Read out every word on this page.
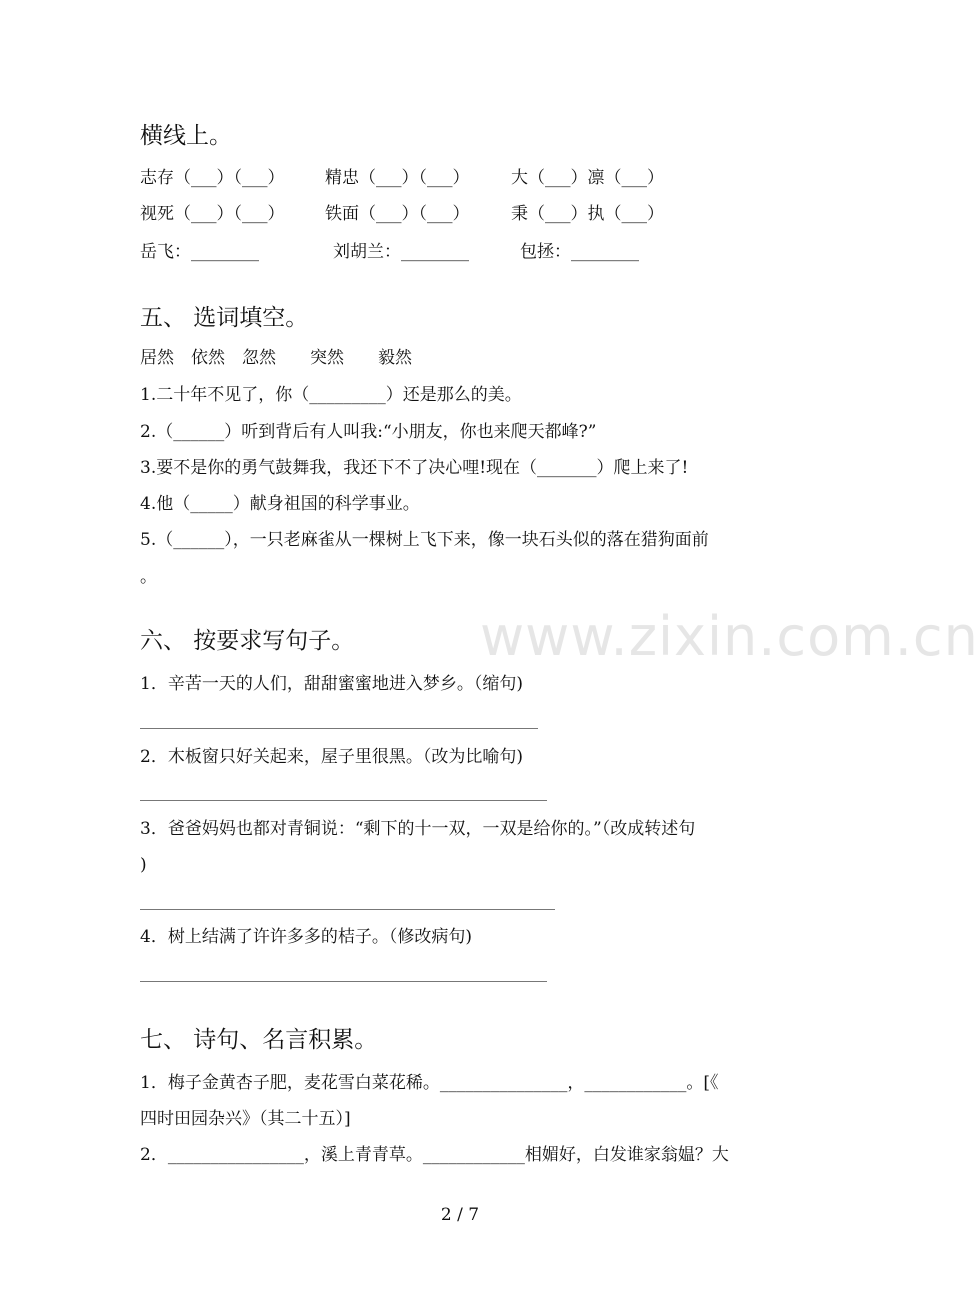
www.zixin.com.cn
横线上。
志存（___）（___） 精忠（___）（___） 大（___）凛（___）
视死（___）（___） 铁面（___）（___） 秉（___）执（___）
岳飞：________	刘胡兰：________	包拯：________
五、 选词填空。
居然　依然　忽然　　突然　　毅然
1.二十年不见了，你（_________）还是那么的美。
2.（______）听到背后有人叫我:“小朋友，你也来爬天都峰?”
3.要不是你的勇气鼓舞我，我还下不了决心哩!现在（_______）爬上来了!
4.他（_____）献身祖国的科学事业。
5.（______），一只老麻雀从一棵树上飞下来，像一块石头似的落在猎狗面前
。
六、 按要求写句子。
1．辛苦一天的人们，甜甜蜜蜜地进入梦乡。（缩句)
2．木板窗只好关起来，屋子里很黑。（改为比喻句)
3．爸爸妈妈也都对青铜说：“剩下的十一双，一双是给你的。”（改成转述句
)
4．树上结满了许许多多的桔子。（修改病句)
七、 诗句、名言积累。
1．梅子金黄杏子肥，麦花雪白菜花稀。_______________，____________。[《
四时田园杂兴》（其二十五）]
2．________________，溪上青青草。____________相媚好，白发谁家翁媪？大
2 / 7
